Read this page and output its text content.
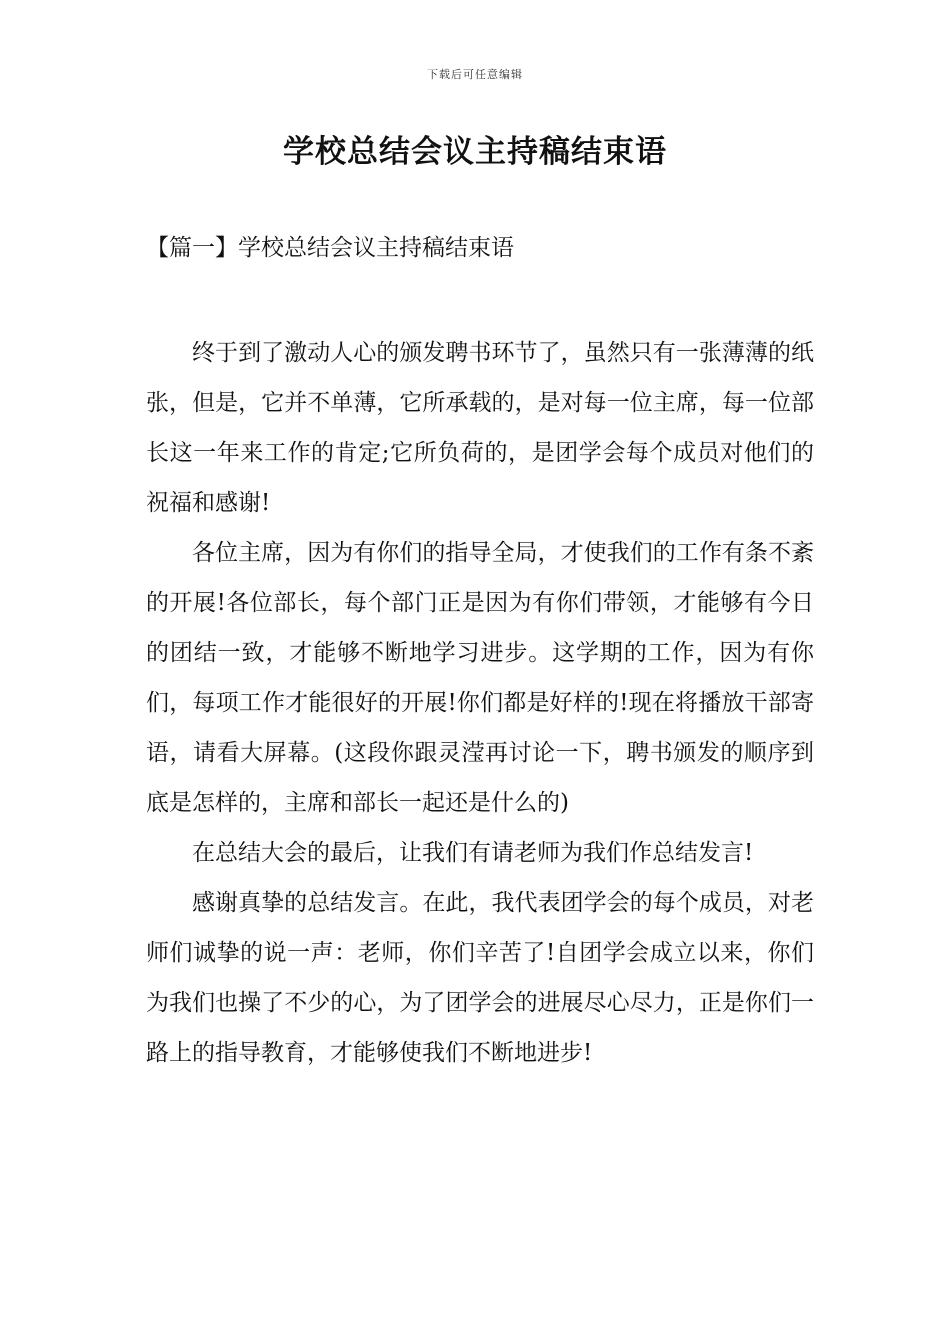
下载后可任意编辑
学校总结会议主持稿结束语
【篇一】学校总结会议主持稿结束语

终于到了激动人心的颁发聘书环节了，虽然只有一张薄薄的纸张，但是，它并不单薄，它所承载的，是对每一位主席，每一位部长这一年来工作的肯定;它所负荷的，是团学会每个成员对他们的祝福和感谢!

各位主席，因为有你们的指导全局，才使我们的工作有条不紊的开展!各位部长，每个部门正是因为有你们带领，才能够有今日的团结一致，才能够不断地学习进步。这学期的工作，因为有你们，每项工作才能很好的开展!你们都是好样的!现在将播放干部寄语，请看大屏幕。(这段你跟灵滢再讨论一下，聘书颁发的顺序到底是怎样的，主席和部长一起还是什么的)

在总结大会的最后，让我们有请老师为我们作总结发言!

感谢真挚的总结发言。在此，我代表团学会的每个成员，对老师们诚挚的说一声：老师，你们辛苦了!自团学会成立以来，你们为我们也操了不少的心，为了团学会的进展尽心尽力，正是你们一路上的指导教育，才能够使我们不断地进步!
